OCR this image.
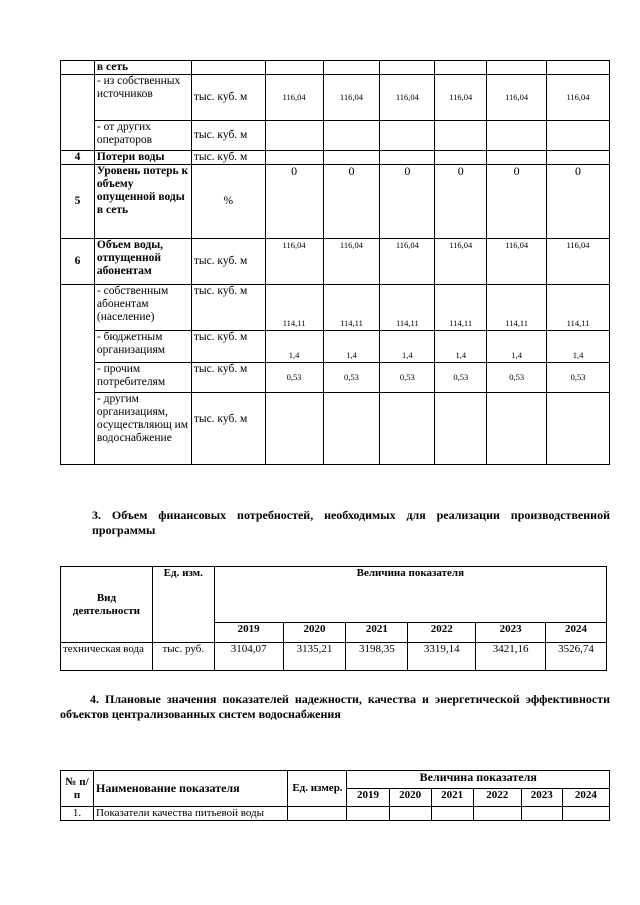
	в сеть							
	- из собственных источников	тыс. куб. м	116,04	116,04	116,04	116,04	116,04	116,04
	- от других операторов	тыс. куб. м						
4	Потери воды	тыс. куб. м						
5	Уровень потерь к объему опущенной воды в сеть	%	0	0	0	0	0	0
6	Объем воды, отпущенной абонентам	тыс. куб. м	116,04	116,04	116,04	116,04	116,04	116,04
	- собственным абонентам (население)	тыс. куб. м	114,11	114,11	114,11	114,11	114,11	114,11
	- бюджетным организациям	тыс. куб. м	1,4	1,4	1,4	1,4	1,4	1,4
	- прочим потребителям	тыс. куб. м	0,53	0,53	0,53	0,53	0,53	0,53
	- другим организациям, осуществляющ им водоснабжение	тыс. куб. м						
3. Объем финансовых потребностей, необходимых для реализации производственной программы
Вид деятельности	Ед. изм.	Величина показателя					
		2019	2020	2021	2022	2023	2024
техническая вода	тыс. руб.	3104,07	3135,21	3198,35	3319,14	3421,16	3526,74
4. Плановые значения показателей надежности, качества и энергетической эффективности объектов централизованных систем водоснабжения
№ п/п	Наименование показателя	Ед. измер.	Величина показателя					
			2019	2020	2021	2022	2023	2024
1.	Показатели качества питьевой воды							
